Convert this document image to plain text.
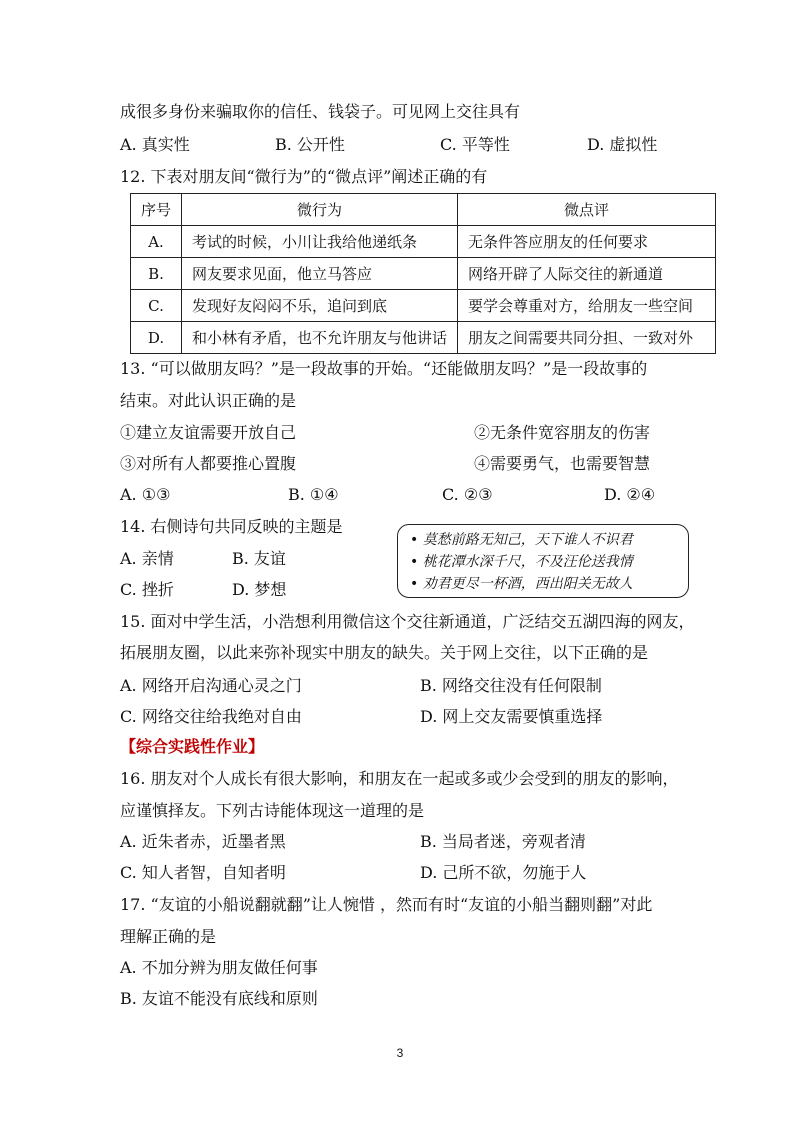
成很多身份来骗取你的信任、钱袋子。可见网上交往具有
A. 真实性	B. 公开性	C. 平等性	D. 虚拟性
12. 下表对朋友间“微行为”的“微点评”阐述正确的有
序号	微行为	微点评
A.	考试的时候，小川让我给他递纸条	无条件答应朋友的任何要求
B.	网友要求见面，他立马答应	网络开辟了人际交往的新通道
C.	发现好友闷闷不乐，追问到底	要学会尊重对方，给朋友一些空间
D.	和小林有矛盾，也不允许朋友与他讲话	朋友之间需要共同分担、一致对外
13. “可以做朋友吗？”是一段故事的开始。“还能做朋友吗？”是一段故事的
结束。对此认识正确的是
①建立友谊需要开放自己	②无条件宽容朋友的伤害
③对所有人都要推心置腹	④需要勇气，也需要智慧
A. ①③	B. ①④	C. ②③	D. ②④
14. 右侧诗句共同反映的主题是
A. 亲情	B. 友谊
C. 挫折	D. 梦想
• 莫愁前路无知己，天下谁人不识君
• 桃花潭水深千尺，不及汪伦送我情
• 劝君更尽一杯酒，西出阳关无故人
15. 面对中学生活，小浩想利用微信这个交往新通道，广泛结交五湖四海的网友，
拓展朋友圈，以此来弥补现实中朋友的缺失。关于网上交往，以下正确的是
A. 网络开启沟通心灵之门	B. 网络交往没有任何限制
C. 网络交往给我绝对自由	D. 网上交友需要慎重选择
【综合实践性作业】
16. 朋友对个人成长有很大影响，和朋友在一起或多或少会受到的朋友的影响，
应谨慎择友。下列古诗能体现这一道理的是
A. 近朱者赤，近墨者黑	B. 当局者迷，旁观者清
C. 知人者智，自知者明	D. 己所不欲，勿施于人
17. “友谊的小船说翻就翻”让人惋惜 ，然而有时“友谊的小船当翻则翻”对此
理解正确的是
A. 不加分辨为朋友做任何事
B. 友谊不能没有底线和原则
3
